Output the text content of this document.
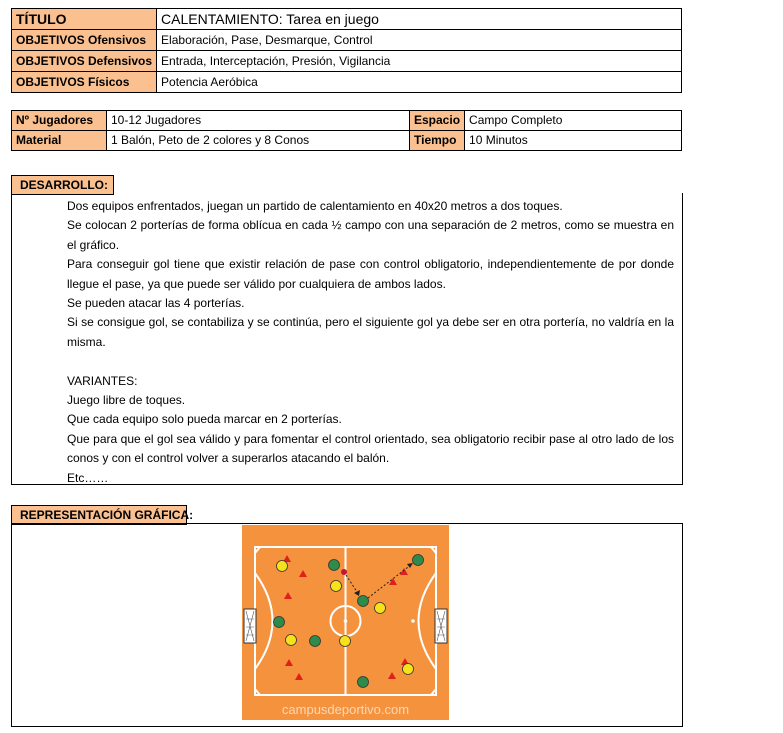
TÍTULO	CALENTAMIENTO: Tarea en juego
OBJETIVOS Ofensivos	Elaboración, Pase, Desmarque, Control
OBJETIVOS Defensivos	Entrada, Interceptación, Presión, Vigilancia
OBJETIVOS Físicos	Potencia Aeróbica
Nº Jugadores	10-12 Jugadores	Espacio	Campo Completo
Material	1 Balón, Peto de 2 colores y 8 Conos	Tiempo	10 Minutos
DESARROLLO:

Dos equipos enfrentados, juegan un partido de calentamiento en 40x20 metros a dos toques.

Se colocan 2 porterías de forma oblícua en cada ½ campo con una separación de 2 metros, como se muestra en el gráfico.

Para conseguir gol tiene que existir relación de pase con control obligatorio, independientemente de por donde llegue el pase, ya que puede ser válido por cualquiera de ambos lados.

Se pueden atacar las 4 porterías.

Si se consigue gol, se contabiliza y se continúa, pero el siguiente gol ya debe ser en otra portería, no valdría en la misma.

VARIANTES:

Juego libre de toques.

Que cada equipo solo pueda marcar en 2 porterías.

Que para que el gol sea válido y para fomentar el control orientado, sea obligatorio recibir pase al otro lado de los conos y con el control volver a superarlos atacando el balón.

Etc……

REPRESENTACIÓN GRÁFICA:
campusdeportivo.com
